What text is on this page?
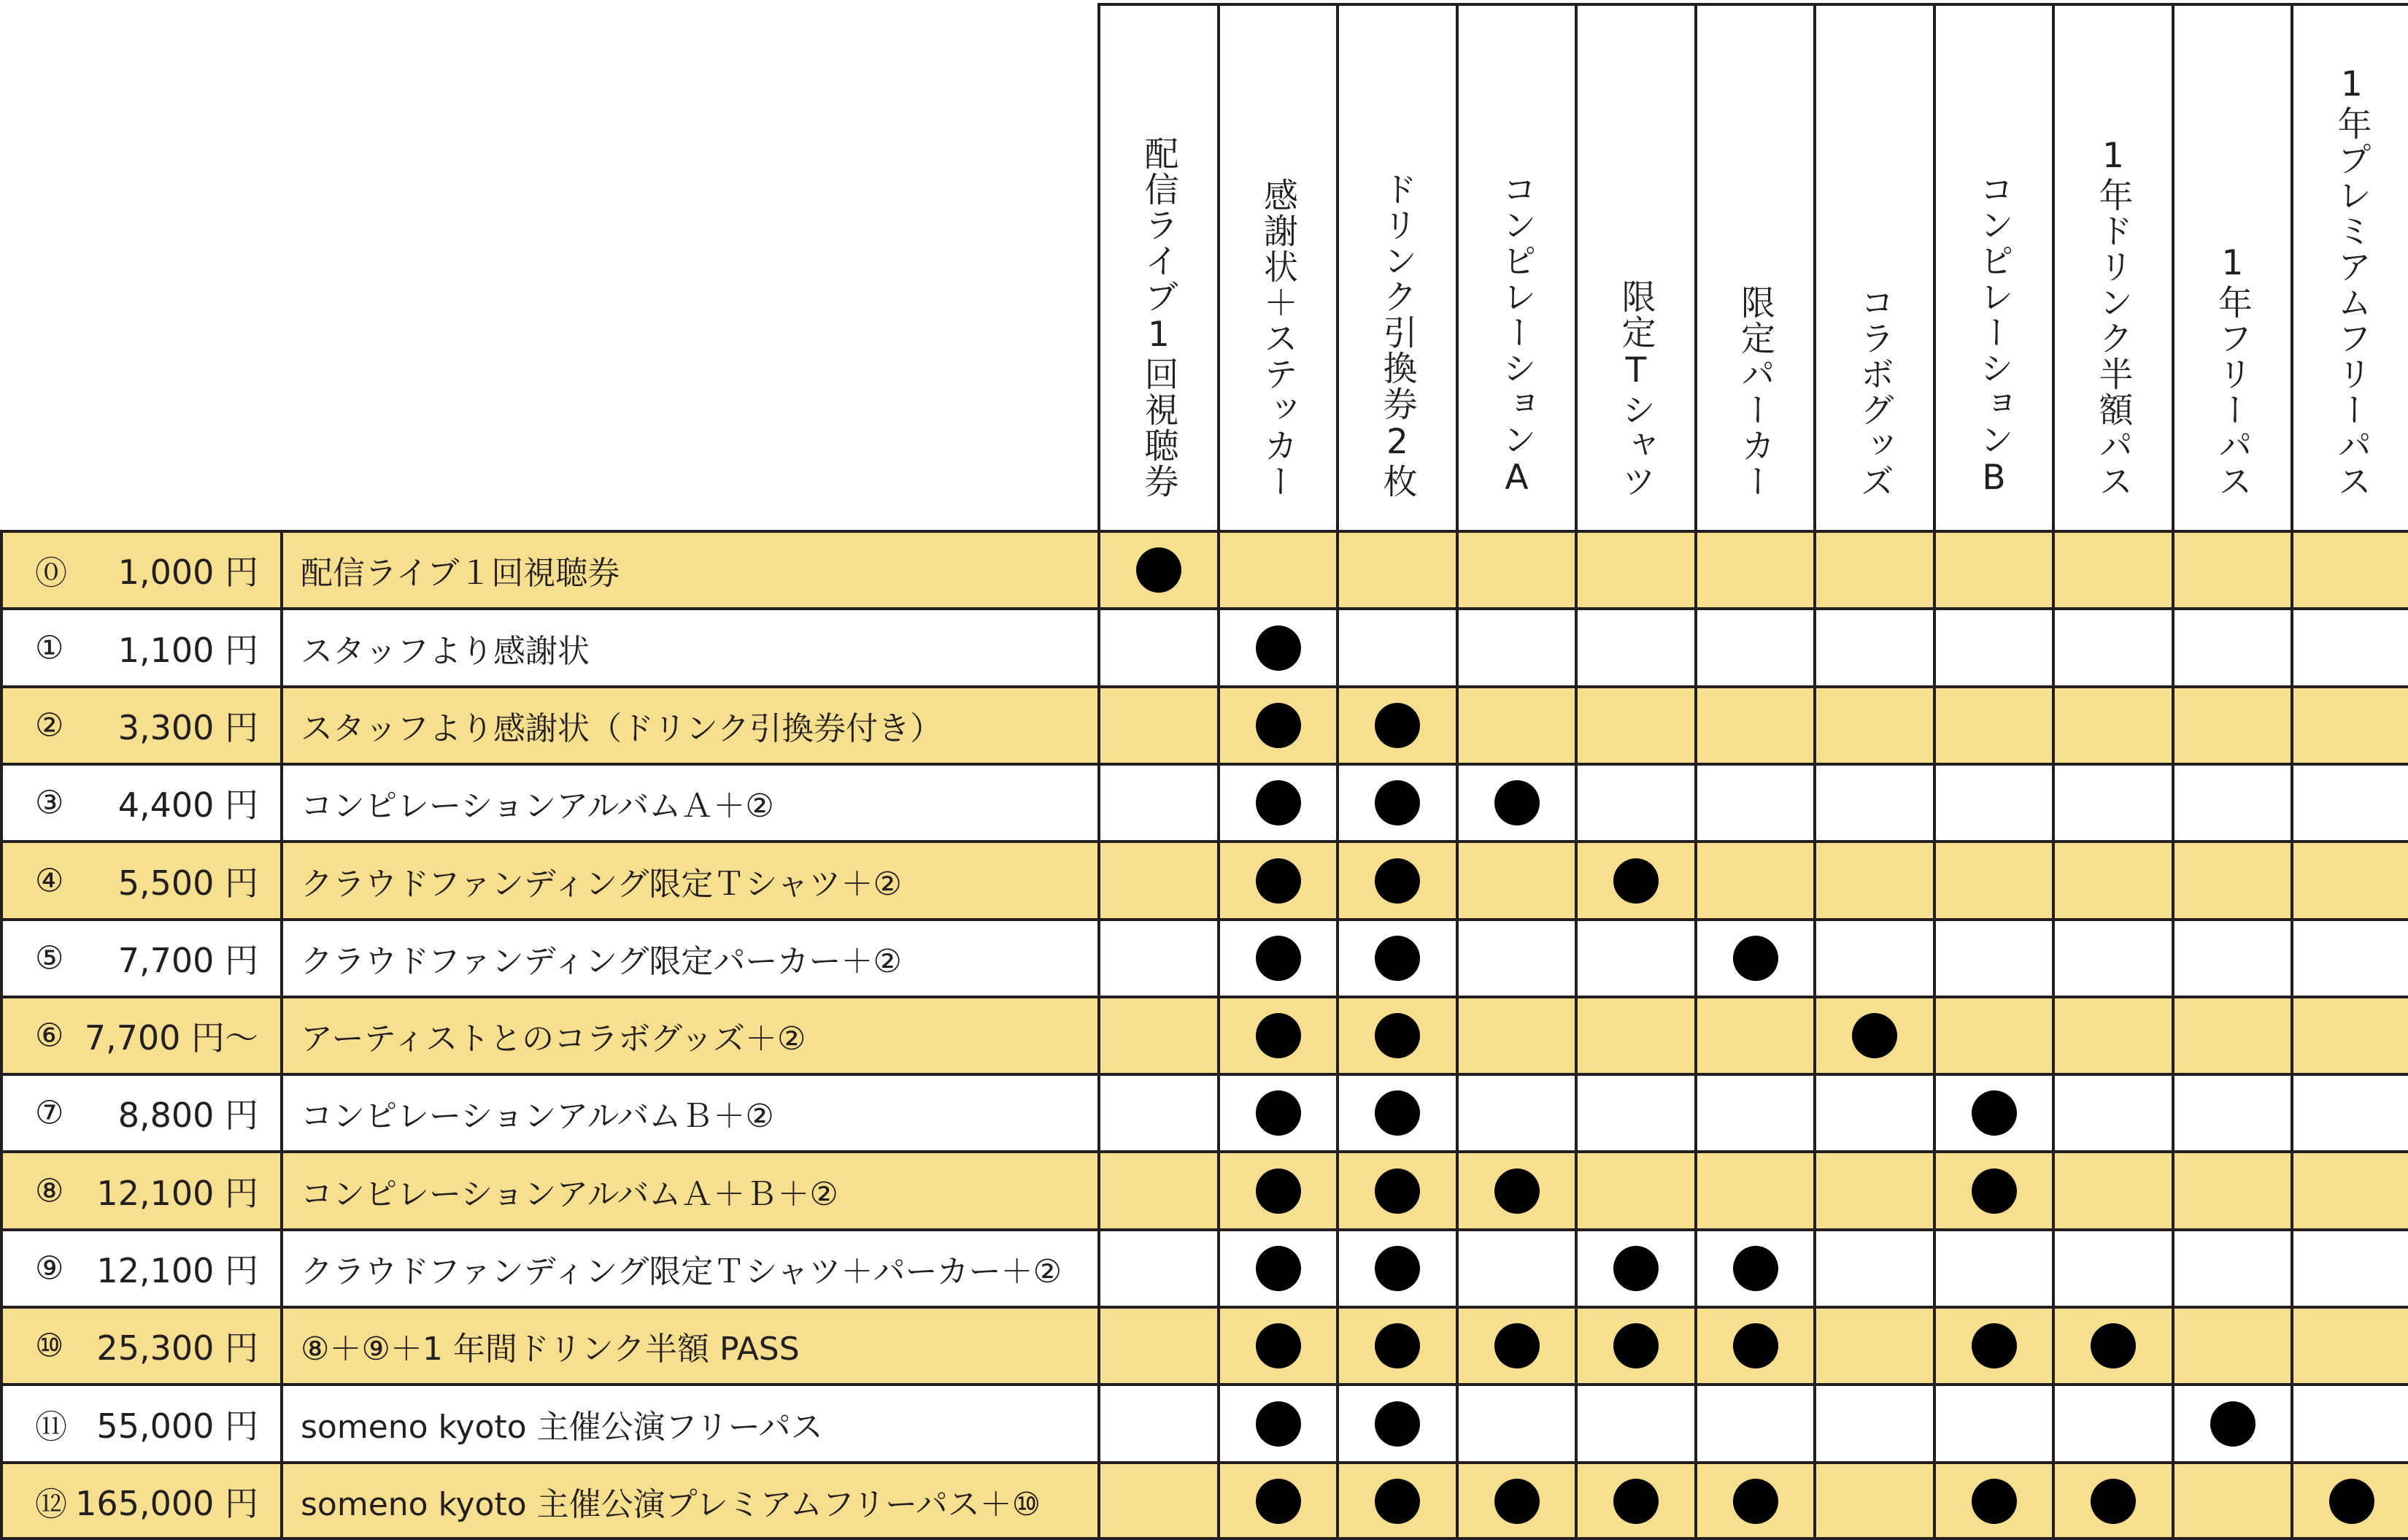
配信ライブ1回視聴券 感謝状＋ステッカー ドリンク引換券2枚 コンピレーションA 限定Tシャツ 限定パーカー コラボグッズ コンピレーションB 1年ドリンク半額パス 1年フリーパス 1年プレミアムフリーパス
⓪ 1,000 円 配信ライブ１回視聴券
① 1,100 円 スタッフより感謝状
② 3,300 円 スタッフより感謝状（ドリンク引換券付き）
③ 4,400 円 コンピレーションアルバムＡ＋②
④ 5,500 円 クラウドファンディング限定Ｔシャツ＋②
⑤ 7,700 円 クラウドファンディング限定パーカー＋②
⑥ 7,700 円〜 アーティストとのコラボグッズ＋②
⑦ 8,800 円 コンピレーションアルバムＢ＋②
⑧ 12,100 円 コンピレーションアルバムＡ＋Ｂ＋②
⑨ 12,100 円 クラウドファンディング限定Ｔシャツ＋パーカー＋②
⑩ 25,300 円 ⑧＋⑨＋1 年間ドリンク半額 PASS
⑪ 55,000 円 someno kyoto 主催公演フリーパス
⑫ 165,000 円 someno kyoto 主催公演プレミアムフリーパス＋⑩
